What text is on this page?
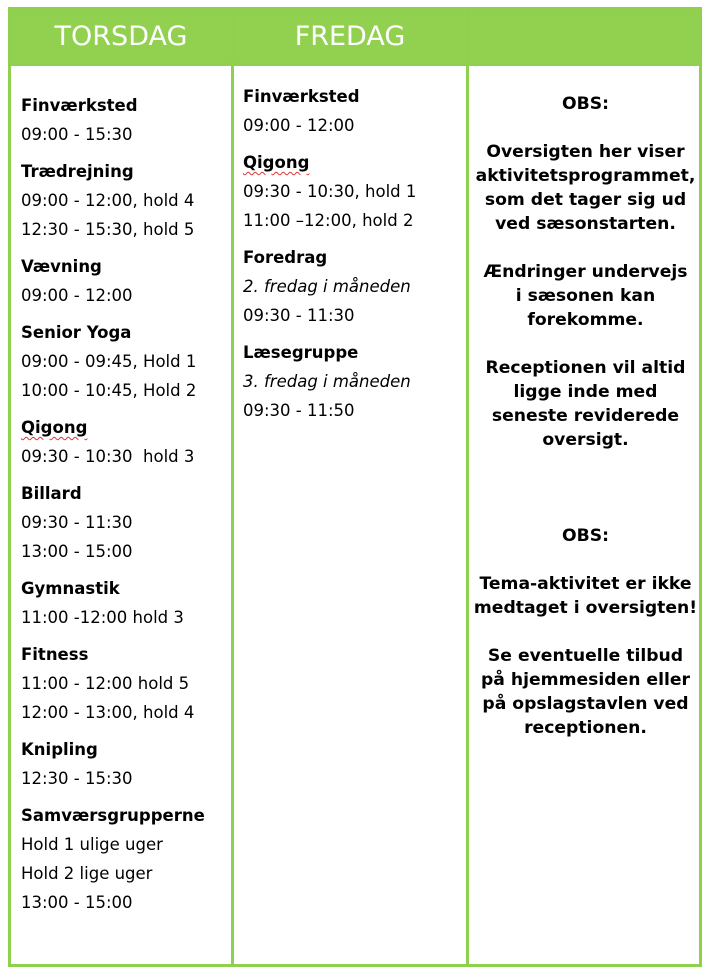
TORSDAG	FREDAG
Finværksted
09:00 - 15:30
Trædrejning
09:00 - 12:00, hold 4
12:30 - 15:30, hold 5
Vævning
09:00 - 12:00
Senior Yoga
09:00 - 09:45, Hold 1
10:00 - 10:45, Hold 2
Qigong
09:30 - 10:30  hold 3
Billard
09:30 - 11:30
13:00 - 15:00
Gymnastik
11:00 -12:00 hold 3
Fitness
11:00 - 12:00 hold 5
12:00 - 13:00, hold 4
Knipling
12:30 - 15:30
Samværsgrupperne
Hold 1 ulige uger
Hold 2 lige uger
13:00 - 15:00
Finværksted
09:00 - 12:00
Qigong
09:30 - 10:30, hold 1
11:00 –12:00, hold 2
Foredrag
2. fredag i måneden
09:30 - 11:30
Læsegruppe
3. fredag i måneden
09:30 - 11:50
OBS:
Oversigten her viser
aktivitetsprogrammet,
som det tager sig ud
ved sæsonstarten.
Ændringer undervejs
i sæsonen kan
forekomme.
Receptionen vil altid
ligge inde med
seneste reviderede
oversigt.
OBS:
Tema-aktivitet er ikke
medtaget i oversigten!
Se eventuelle tilbud
på hjemmesiden eller
på opslagstavlen ved
receptionen.
